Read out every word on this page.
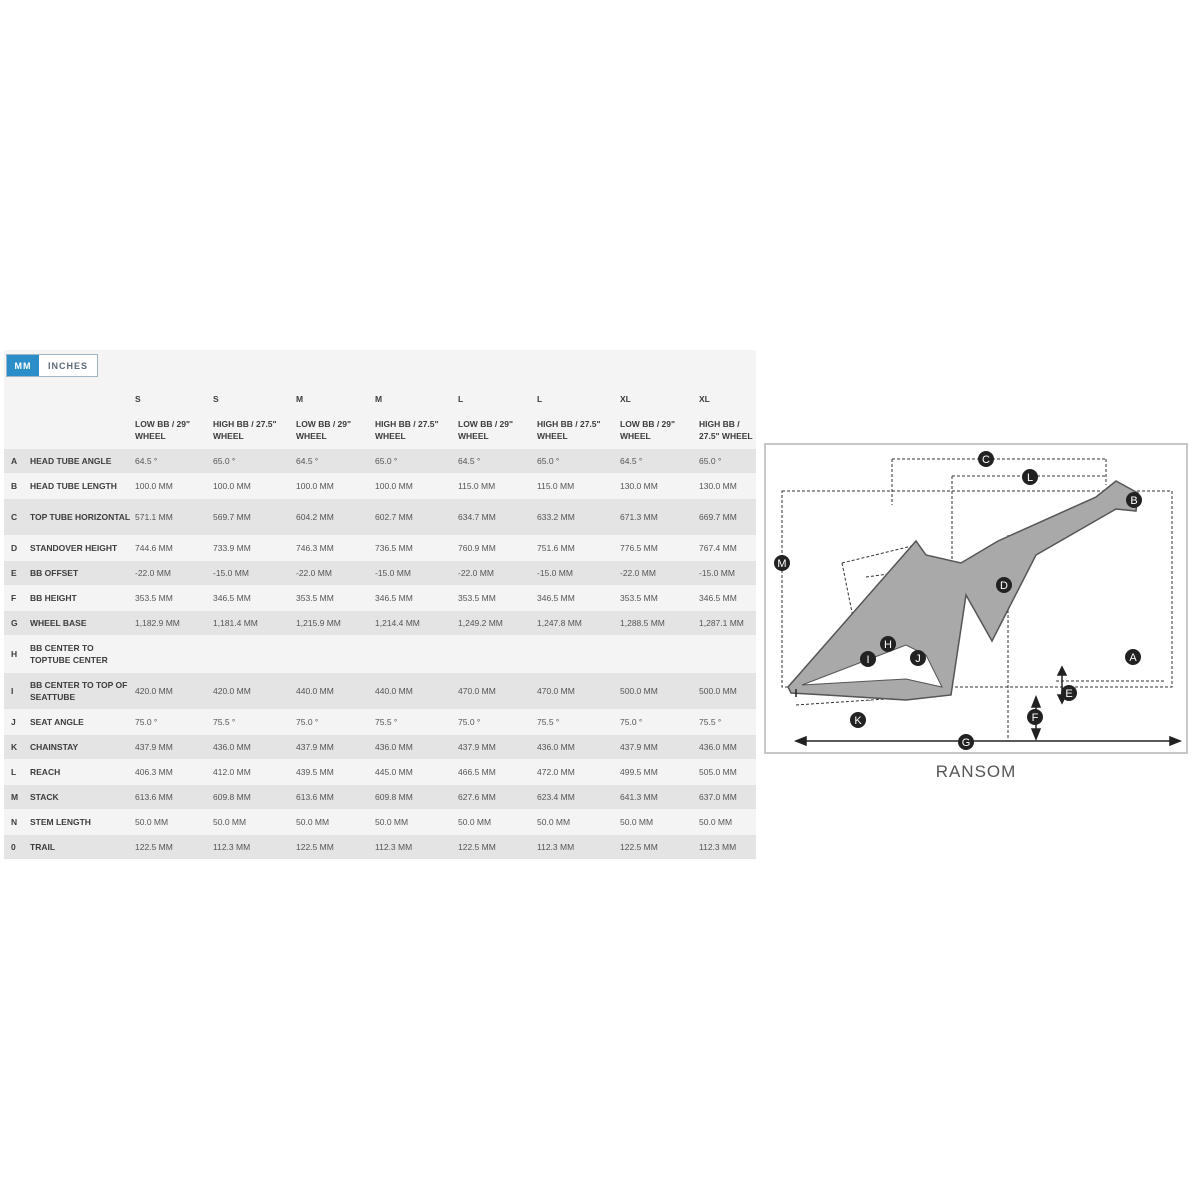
MM	INCHES
		S	S	M	M	L	L	XL	XL
		LOW BB / 29" WHEEL	HIGH BB / 27.5" WHEEL	LOW BB / 29" WHEEL	HIGH BB / 27.5" WHEEL	LOW BB / 29" WHEEL	HIGH BB / 27.5" WHEEL	LOW BB / 29" WHEEL	HIGH BB / 27.5" WHEEL
A	HEAD TUBE ANGLE	64.5 °	65.0 °	64.5 °	65.0 °	64.5 °	65.0 °	64.5 °	65.0 °
B	HEAD TUBE LENGTH	100.0 MM	100.0 MM	100.0 MM	100.0 MM	115.0 MM	115.0 MM	130.0 MM	130.0 MM
C	TOP TUBE HORIZONTAL	571.1 MM	569.7 MM	604.2 MM	602.7 MM	634.7 MM	633.2 MM	671.3 MM	669.7 MM
D	STANDOVER HEIGHT	744.6 MM	733.9 MM	746.3 MM	736.5 MM	760.9 MM	751.6 MM	776.5 MM	767.4 MM
E	BB OFFSET	-22.0 MM	-15.0 MM	-22.0 MM	-15.0 MM	-22.0 MM	-15.0 MM	-22.0 MM	-15.0 MM
F	BB HEIGHT	353.5 MM	346.5 MM	353.5 MM	346.5 MM	353.5 MM	346.5 MM	353.5 MM	346.5 MM
G	WHEEL BASE	1,182.9 MM	1,181.4 MM	1,215.9 MM	1,214.4 MM	1,249.2 MM	1,247.8 MM	1,288.5 MM	1,287.1 MM
H	BB CENTER TO TOPTUBE CENTER								
I	BB CENTER TO TOP OF SEATTUBE	420.0 MM	420.0 MM	440.0 MM	440.0 MM	470.0 MM	470.0 MM	500.0 MM	500.0 MM
J	SEAT ANGLE	75.0 °	75.5 °	75.0 °	75.5 °	75.0 °	75.5 °	75.0 °	75.5 °
K	CHAINSTAY	437.9 MM	436.0 MM	437.9 MM	436.0 MM	437.9 MM	436.0 MM	437.9 MM	436.0 MM
L	REACH	406.3 MM	412.0 MM	439.5 MM	445.0 MM	466.5 MM	472.0 MM	499.5 MM	505.0 MM
M	STACK	613.6 MM	609.8 MM	613.6 MM	609.8 MM	627.6 MM	623.4 MM	641.3 MM	637.0 MM
N	STEM LENGTH	50.0 MM	50.0 MM	50.0 MM	50.0 MM	50.0 MM	50.0 MM	50.0 MM	50.0 MM
0	TRAIL	122.5 MM	112.3 MM	122.5 MM	112.3 MM	122.5 MM	112.3 MM	122.5 MM	112.3 MM
A
B
C
D
E
F
G
H
I	J
K
L
M
RANSOM
